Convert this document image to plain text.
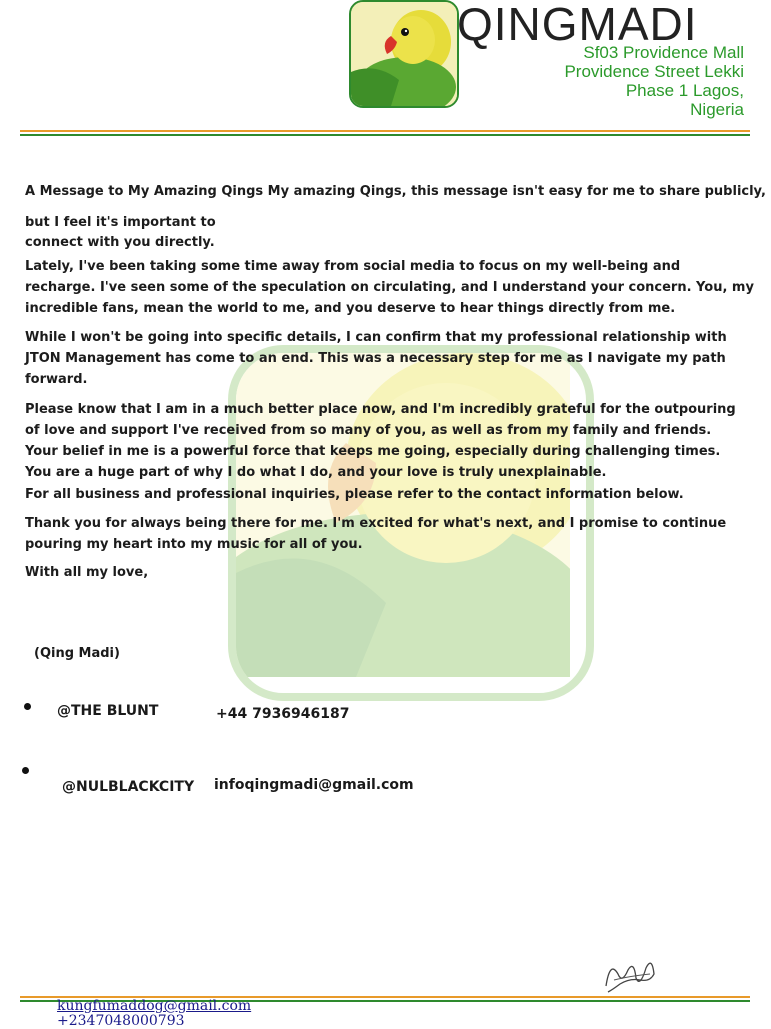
QINGMADI
Sf03 Providence Mall
Providence Street Lekki
Phase 1 Lagos,
Nigeria
A Message to My Amazing Qings My amazing Qings, this message isn't easy for me to share publicly,
but I feel it's important to
connect with you directly.
Lately, I've been taking some time away from social media to focus on my well-being and
recharge. I've seen some of the speculation on circulating, and I understand your concern. You, my
incredible fans, mean the world to me, and you deserve to hear things directly from me.
While I won't be going into specific details, I can confirm that my professional relationship with
JTON Management has come to an end. This was a necessary step for me as I navigate my path
forward.
Please know that I am in a much better place now, and I'm incredibly grateful for the outpouring
of love and support I've received from so many of you, as well as from my family and friends.
Your belief in me is a powerful force that keeps me going, especially during challenging times.
You are a huge part of why I do what I do, and your love is truly unexplainable.
For all business and professional inquiries, please refer to the contact information below.
Thank you for always being there for me. I'm excited for what's next, and I promise to continue
pouring my heart into my music for all of you.
With all my love,
(Qing Madi)
@THE BLUNT	+44 7936946187
@NULBLACKCITY infoqingmadi@gmail.com
kungfumaddog@gmail.com
+2347048000793
